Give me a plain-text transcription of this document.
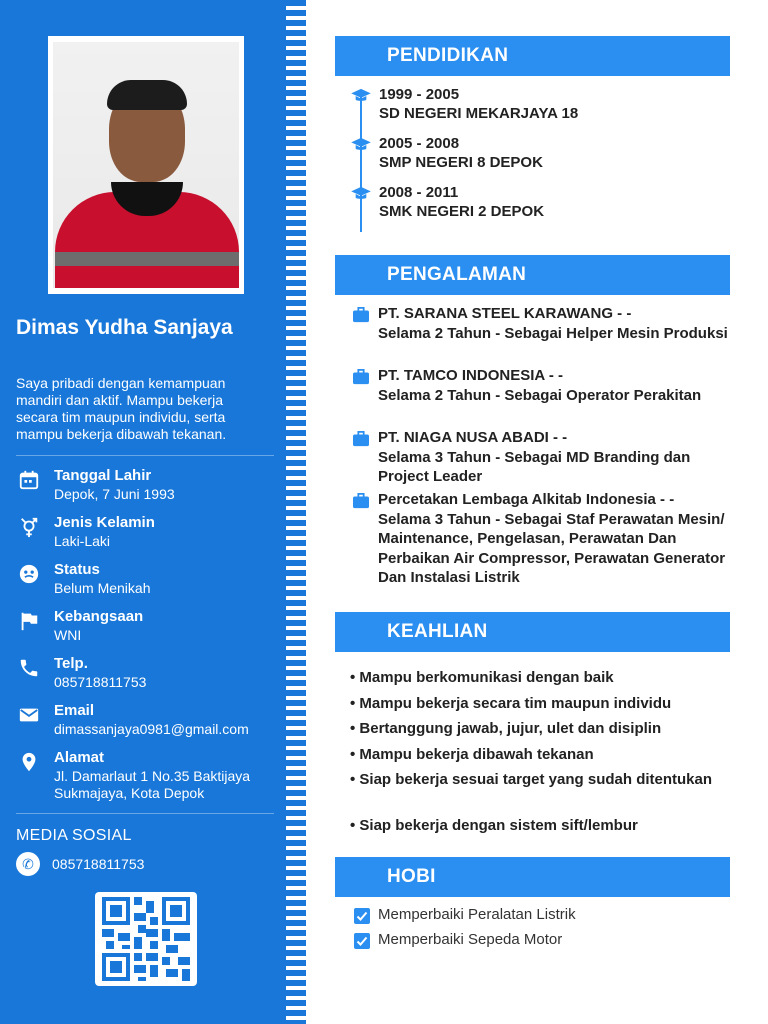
Dimas Yudha Sanjaya

Saya pribadi dengan kemampuan mandiri dan aktif. Mampu bekerja secara tim maupun individu, serta mampu bekerja dibawah tekanan.

Tanggal Lahir
Depok, 7 Juni 1993
Jenis Kelamin
Laki-Laki
Status
Belum Menikah
Kebangsaan
WNI
Telp.
085718811753
Email
dimassanjaya0981@gmail.com
Alamat
Jl. Damarlaut 1 No.35 Baktijaya Sukmajaya, Kota Depok
MEDIA SOSIAL
✆	085718811753
PENDIDIKAN
1999 - 2005
SD NEGERI MEKARJAYA 18
2005 - 2008
SMP NEGERI 8 DEPOK
2008 - 2011
SMK NEGERI 2 DEPOK
PENGALAMAN
PT. SARANA STEEL KARAWANG - -
Selama 2 Tahun - Sebagai Helper Mesin Produksi
PT. TAMCO INDONESIA - -
Selama 2 Tahun - Sebagai Operator Perakitan
PT. NIAGA NUSA ABADI - -
Selama 3 Tahun - Sebagai MD Branding dan Project Leader
Percetakan Lembaga Alkitab Indonesia - -
Selama 3 Tahun - Sebagai Staf Perawatan Mesin/ Maintenance, Pengelasan, Perawatan Dan Perbaikan Air Compressor, Perawatan Generator Dan Instalasi Listrik
KEAHLIAN
• Mampu berkomunikasi dengan baik
• Mampu bekerja secara tim maupun individu
• Bertanggung jawab, jujur, ulet dan disiplin
• Mampu bekerja dibawah tekanan
• Siap bekerja sesuai target yang sudah ditentukan
• Siap bekerja dengan sistem sift/lembur
HOBI
Memperbaiki Peralatan Listrik
Memperbaiki Sepeda Motor
